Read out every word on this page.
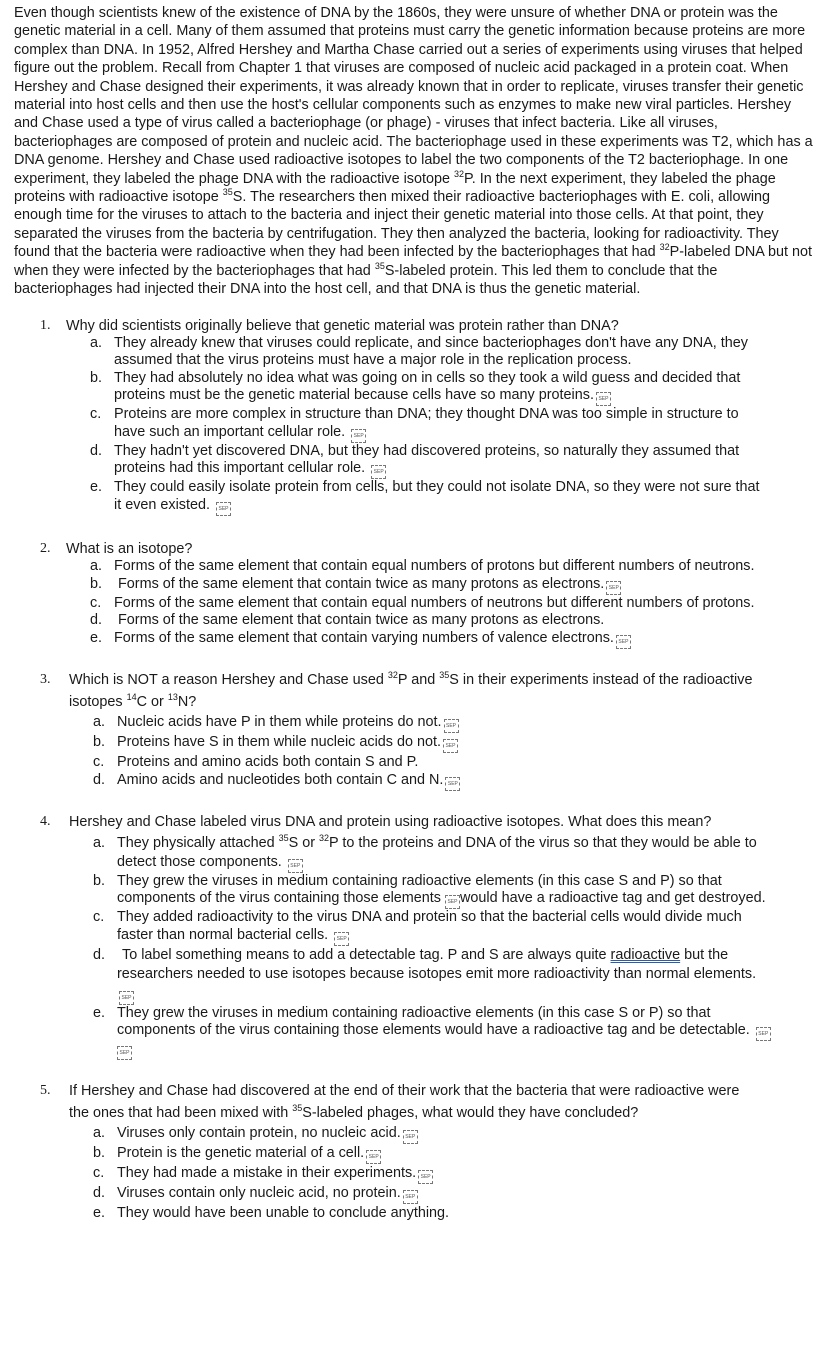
Even though scientists knew of the existence of DNA by the 1860s, they were unsure of whether DNA or protein was the genetic material in a cell. Many of them assumed that proteins must carry the genetic information because proteins are more complex than DNA. In 1952, Alfred Hershey and Martha Chase carried out a series of experiments using viruses that helped figure out the problem. Recall from Chapter 1 that viruses are composed of nucleic acid packaged in a protein coat. When Hershey and Chase designed their experiments, it was already known that in order to replicate, viruses transfer their genetic material into host cells and then use the host's cellular components such as enzymes to make new viral particles. Hershey and Chase used a type of virus called a bacteriophage (or phage) - viruses that infect bacteria. Like all viruses, bacteriophages are composed of protein and nucleic acid. The bacteriophage used in these experiments was T2, which has a DNA genome. Hershey and Chase used radioactive isotopes to label the two components of the T2 bacteriophage. In one experiment, they labeled the phage DNA with the radioactive isotope $^{32}$P. In the next experiment, they labeled the phage proteins with radioactive isotope $^{35}$S. The researchers then mixed their radioactive bacteriophages with E. coli, allowing enough time for the viruses to attach to the bacteria and inject their genetic material into those cells. At that point, they separated the viruses from the bacteria by centrifugation. They then analyzed the bacteria, looking for radioactivity. They found that the bacteria were radioactive when they had been infected by the bacteriophages that had $^{32}$P-labeled DNA but not when they were infected by the bacteriophages that had $^{35}$S-labeled protein. This led them to conclude that the bacteriophages had injected their DNA into the host cell, and that DNA is thus the genetic material.

1.	Why did scientists originally believe that genetic material was protein rather than DNA?
a. They already knew that viruses could replicate, and since bacteriophages don't have any DNA, they assumed that the virus proteins must have a major role in the replication process.
b. They had absolutely no idea what was going on in cells so they took a wild guess and decided that proteins must be the genetic material because cells have so many proteins. SEP
c. Proteins are more complex in structure than DNA; they thought DNA was too simple in structure to have such an important cellular role. SEP
d. They hadn't yet discovered DNA, but they had discovered proteins, so naturally they assumed that proteins had this important cellular role. SEP
e. They could easily isolate protein from cells, but they could not isolate DNA, so they were not sure that it even existed. SEP
2.	What is an isotope?
a. Forms of the same element that contain equal numbers of protons but different numbers of neutrons.
b.	Forms of the same element that contain twice as many protons as electrons. SEP
c. Forms of the same element that contain equal numbers of neutrons but different numbers of protons.
d.	Forms of the same element that contain twice as many protons as electrons.
e. Forms of the same element that contain varying numbers of valence electrons. SEP
3.	Which is NOT a reason Hershey and Chase used $^{32}$P and $^{35}$S in their experiments instead of the radioactive isotopes $^{14}$C or $^{13}$N?
a. Nucleic acids have P in them while proteins do not. SEP
b. Proteins have S in them while nucleic acids do not. SEP
c. Proteins and amino acids both contain S and P.
d. Amino acids and nucleotides both contain C and N. SEP
4.	Hershey and Chase labeled virus DNA and protein using radioactive isotopes. What does this mean?
a. They physically attached $^{35}$S or $^{32}$P to the proteins and DNA of the virus so that they would be able to detect those components. SEP
b. They grew the viruses in medium containing radioactive elements (in this case S and P) so that components of the virus containing those elements SEP would have a radioactive tag and get destroyed.
c. They added radioactivity to the virus DNA and protein so that the bacterial cells would divide much faster than normal bacterial cells. SEP
d.	To label something means to add a detectable tag. P and S are always quite radioactive but the researchers needed to use isotopes because isotopes emit more radioactivity than normal elements. SEP
e. They grew the viruses in medium containing radioactive elements (in this case S or P) so that components of the virus containing those elements would have a radioactive tag and be detectable. SEPSEP
5.	If Hershey and Chase had discovered at the end of their work that the bacteria that were radioactive were the ones that had been mixed with $^{35}$S-labeled phages, what would they have concluded?
a. Viruses only contain protein, no nucleic acid. SEP
b. Protein is the genetic material of a cell. SEP
c. They had made a mistake in their experiments. SEP
d. Viruses contain only nucleic acid, no protein. SEP
e. They would have been unable to conclude anything.
